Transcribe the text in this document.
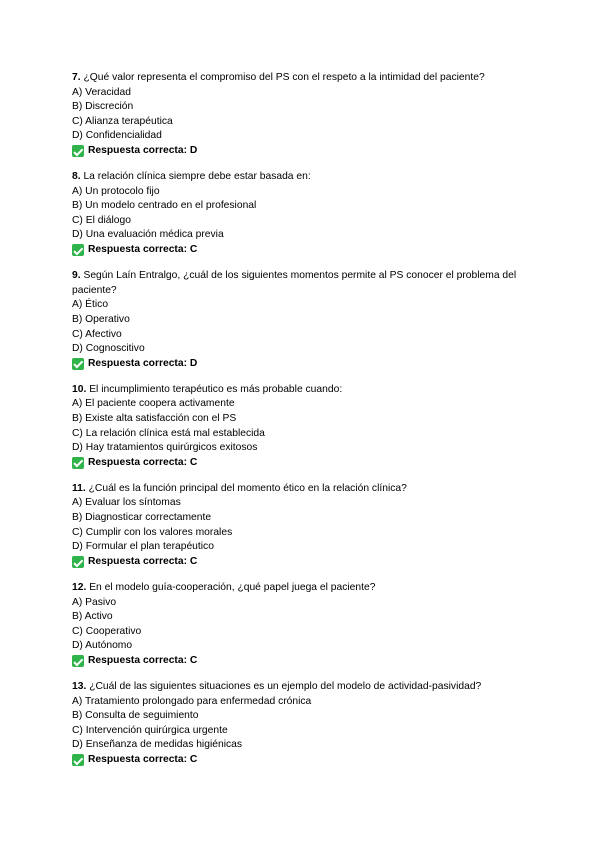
7. ¿Qué valor representa el compromiso del PS con el respeto a la intimidad del paciente?
A) Veracidad
B) Discreción
C) Alianza terapéutica
D) Confidencialidad
Respuesta correcta: D
8. La relación clínica siempre debe estar basada en:
A) Un protocolo fijo
B) Un modelo centrado en el profesional
C) El diálogo
D) Una evaluación médica previa
Respuesta correcta: C
9. Según Laín Entralgo, ¿cuál de los siguientes momentos permite al PS conocer el problema del paciente?
A) Ético
B) Operativo
C) Afectivo
D) Cognoscitivo
Respuesta correcta: D
10. El incumplimiento terapéutico es más probable cuando:
A) El paciente coopera activamente
B) Existe alta satisfacción con el PS
C) La relación clínica está mal establecida
D) Hay tratamientos quirúrgicos exitosos
Respuesta correcta: C
11. ¿Cuál es la función principal del momento ético en la relación clínica?
A) Evaluar los síntomas
B) Diagnosticar correctamente
C) Cumplir con los valores morales
D) Formular el plan terapéutico
Respuesta correcta: C
12. En el modelo guía-cooperación, ¿qué papel juega el paciente?
A) Pasivo
B) Activo
C) Cooperativo
D) Autónomo
Respuesta correcta: C
13. ¿Cuál de las siguientes situaciones es un ejemplo del modelo de actividad-pasividad?
A) Tratamiento prolongado para enfermedad crónica
B) Consulta de seguimiento
C) Intervención quirúrgica urgente
D) Enseñanza de medidas higiénicas
Respuesta correcta: C
